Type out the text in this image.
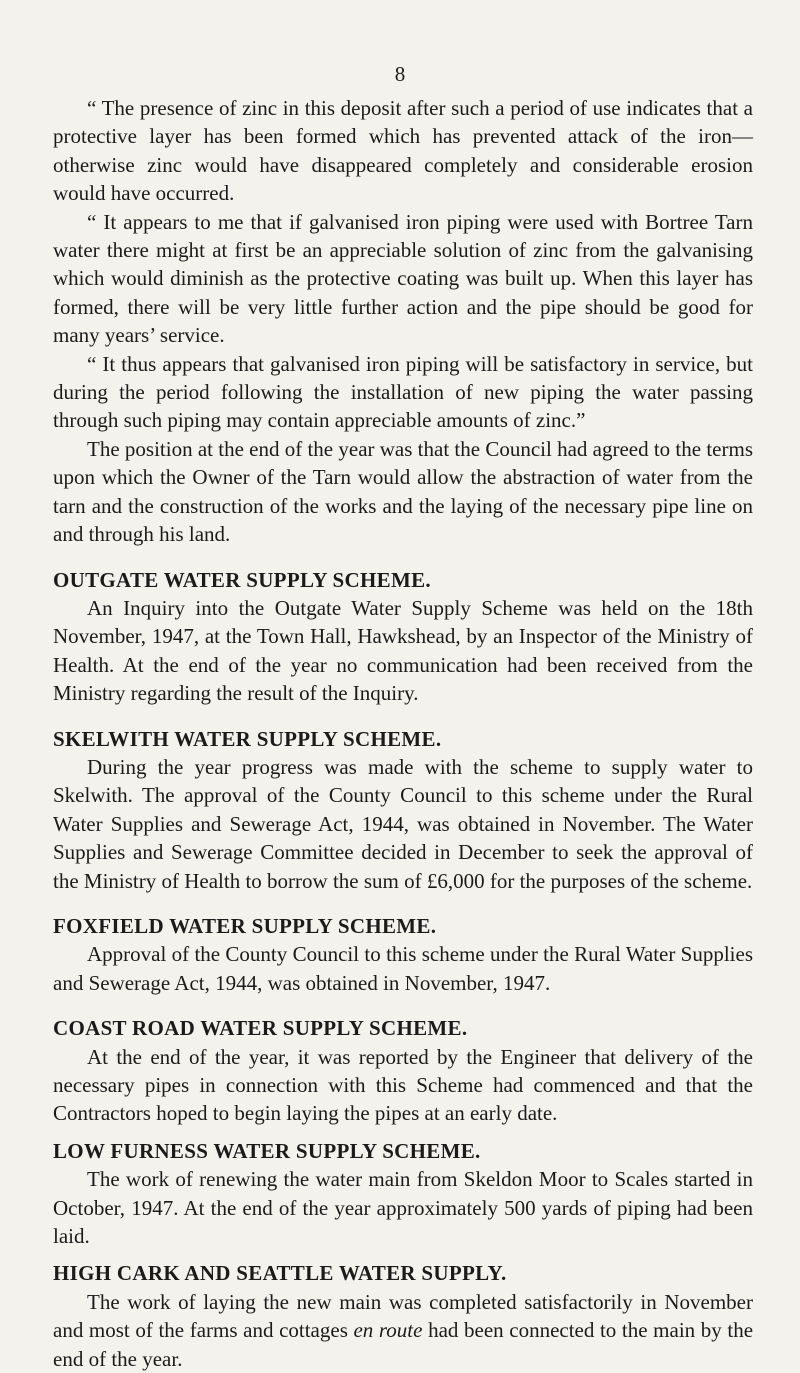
8

“ The presence of zinc in this deposit after such a period of use indicates that a protective layer has been formed which has prevented attack of the iron—otherwise zinc would have disappeared completely and considerable erosion would have occurred.

“ It appears to me that if galvanised iron piping were used with Bortree Tarn water there might at first be an appreciable solution of zinc from the galvanising which would diminish as the protective coating was built up. When this layer has formed, there will be very little further action and the pipe should be good for many years’ service.

“ It thus appears that galvanised iron piping will be satisfactory in service, but during the period following the installation of new piping the water passing through such piping may contain appreciable amounts of zinc.”

The position at the end of the year was that the Council had agreed to the terms upon which the Owner of the Tarn would allow the abstraction of water from the tarn and the construction of the works and the laying of the necessary pipe line on and through his land.

OUTGATE WATER SUPPLY SCHEME.

An Inquiry into the Outgate Water Supply Scheme was held on the 18th November, 1947, at the Town Hall, Hawkshead, by an Inspector of the Ministry of Health. At the end of the year no communication had been received from the Ministry regarding the result of the Inquiry.

SKELWITH WATER SUPPLY SCHEME.

During the year progress was made with the scheme to supply water to Skelwith. The approval of the County Council to this scheme under the Rural Water Supplies and Sewerage Act, 1944, was obtained in November. The Water Supplies and Sewerage Committee decided in December to seek the approval of the Ministry of Health to borrow the sum of £6,000 for the purposes of the scheme.

FOXFIELD WATER SUPPLY SCHEME.

Approval of the County Council to this scheme under the Rural Water Supplies and Sewerage Act, 1944, was obtained in November, 1947.

COAST ROAD WATER SUPPLY SCHEME.

At the end of the year, it was reported by the Engineer that delivery of the necessary pipes in connection with this Scheme had commenced and that the Contractors hoped to begin laying the pipes at an early date.

LOW FURNESS WATER SUPPLY SCHEME.

The work of renewing the water main from Skeldon Moor to Scales started in October, 1947. At the end of the year approximately 500 yards of piping had been laid.

HIGH CARK AND SEATTLE WATER SUPPLY.

The work of laying the new main was completed satisfactorily in November and most of the farms and cottages en route had been connected to the main by the end of the year.
